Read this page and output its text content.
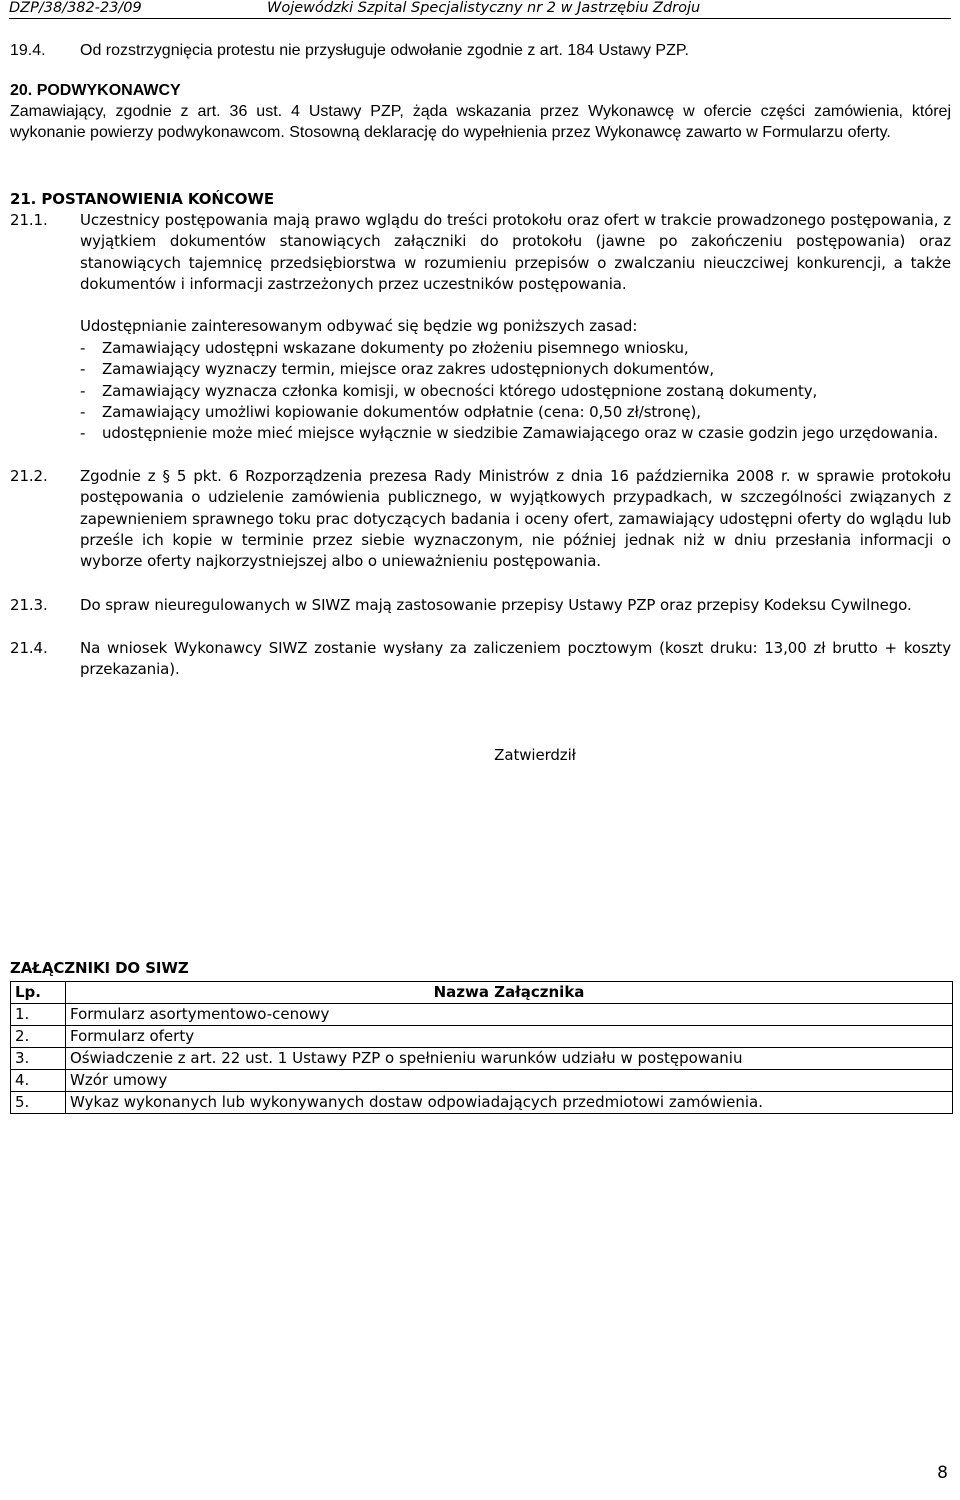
DZP/38/382-23/09	Wojewódzki Szpital Specjalistyczny nr 2 w Jastrzębiu Zdroju
19.4. Od rozstrzygnięcia protestu nie przysługuje odwołanie zgodnie z art. 184 Ustawy PZP.
20. PODWYKONAWCY
Zamawiający, zgodnie z art. 36 ust. 4 Ustawy PZP, żąda wskazania przez Wykonawcę w ofercie części zamówienia, której wykonanie powierzy podwykonawcom. Stosowną deklarację do wypełnienia przez Wykonawcę zawarto w Formularzu oferty.
21. POSTANOWIENIA KOŃCOWE
21.1. Uczestnicy postępowania mają prawo wglądu do treści protokołu oraz ofert w trakcie prowadzonego postępowania, z wyjątkiem dokumentów stanowiących załączniki do protokołu (jawne po zakończeniu postępowania) oraz stanowiących tajemnicę przedsiębiorstwa w rozumieniu przepisów o zwalczaniu nieuczciwej konkurencji, a także dokumentów i informacji zastrzeżonych przez uczestników postępowania.
Udostępnianie zainteresowanym odbywać się będzie wg poniższych zasad:
- Zamawiający udostępni wskazane dokumenty po złożeniu pisemnego wniosku,
- Zamawiający wyznaczy termin, miejsce oraz zakres udostępnionych dokumentów,
- Zamawiający wyznacza członka komisji, w obecności którego udostępnione zostaną dokumenty,
- Zamawiający umożliwi kopiowanie dokumentów odpłatnie (cena: 0,50 zł/stronę),
- udostępnienie może mieć miejsce wyłącznie w siedzibie Zamawiającego oraz w czasie godzin jego urzędowania.
21.2. Zgodnie z § 5 pkt. 6 Rozporządzenia prezesa Rady Ministrów z dnia 16 października 2008 r. w sprawie protokołu postępowania o udzielenie zamówienia publicznego, w wyjątkowych przypadkach, w szczególności związanych z zapewnieniem sprawnego toku prac dotyczących badania i oceny ofert, zamawiający udostępni oferty do wglądu lub prześle ich kopie w terminie przez siebie wyznaczonym, nie później jednak niż w dniu przesłania informacji o wyborze oferty najkorzystniejszej albo o unieważnieniu postępowania.
21.3. Do spraw nieuregulowanych w SIWZ mają zastosowanie przepisy Ustawy PZP oraz przepisy Kodeksu Cywilnego.
21.4. Na wniosek Wykonawcy SIWZ zostanie wysłany za zaliczeniem pocztowym (koszt druku: 13,00 zł brutto + koszty przekazania).
Zatwierdził
ZAŁĄCZNIKI DO SIWZ
Lp.	Nazwa Załącznika
1.	Formularz asortymentowo-cenowy
2.	Formularz oferty
3.	Oświadczenie z art. 22 ust. 1 Ustawy PZP o spełnieniu warunków udziału w postępowaniu
4.	Wzór umowy
5.	Wykaz wykonanych lub wykonywanych dostaw odpowiadających przedmiotowi zamówienia.
8
